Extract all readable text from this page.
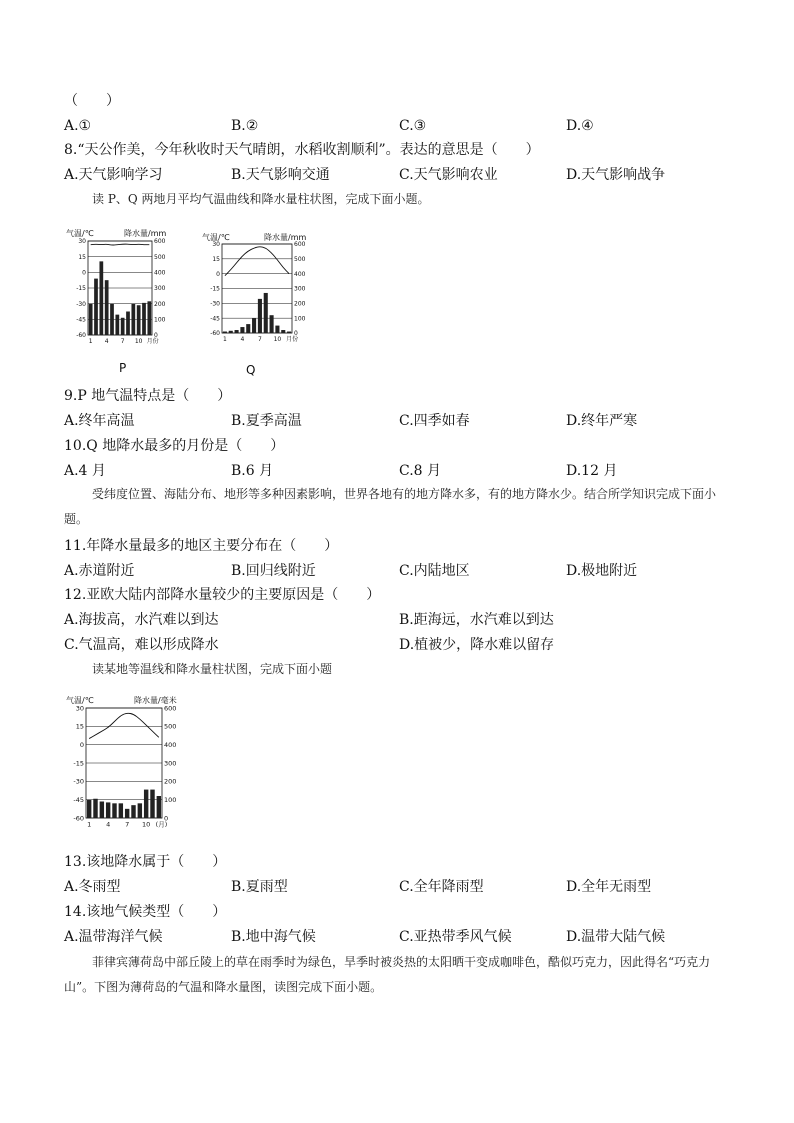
（　　）
A.①	B.②	C.③	D.④
8.“天公作美，今年秋收时天气晴朗，水稻收割顺利”。表达的意思是（　　）
A.天气影响学习	B.天气影响交通	C.天气影响农业	D.天气影响战争
读 P、Q 两地月平均气温曲线和降水量柱状图，完成下面小题。
气温/℃	降水量/mm
30	600
15	500
0	400
-15	300
-30	200
-45	100
-60	0
1 4 7 10 月份
P
气温/℃	降水量/mm
30	600
15	500
0	400
-15	300
-30	200
-45	100
-60	0
1 4 7 10 月份
Q
9.P 地气温特点是（　　）
A.终年高温	B.夏季高温	C.四季如春	D.终年严寒
10.Q 地降水最多的月份是（　　）
A.4 月	B.6 月	C.8 月	D.12 月
受纬度位置、海陆分布、地形等多种因素影响，世界各地有的地方降水多，有的地方降水少。结合所学知识完成下面小题。
11.年降水量最多的地区主要分布在（　　）
A.赤道附近	B.回归线附近	C.内陆地区	D.极地附近
12.亚欧大陆内部降水量较少的主要原因是（　　）
A.海拔高，水汽难以到达	B.距海远，水汽难以到达
C.气温高，难以形成降水	D.植被少，降水难以留存
读某地等温线和降水量柱状图，完成下面小题
气温/℃	降水量/毫米
30	600
15	500
0	400
-15	300
-30	200
-45	100
-60	0
1 4 7 10 (月)
13.该地降水属于（　　）
A.冬雨型	B.夏雨型	C.全年降雨型	D.全年无雨型
14.该地气候类型（　　）
A.温带海洋气候	B.地中海气候	C.亚热带季风气候	D.温带大陆气候
菲律宾薄荷岛中部丘陵上的草在雨季时为绿色，旱季时被炎热的太阳晒干变成咖啡色，酷似巧克力，因此得名“巧克力山”。下图为薄荷岛的气温和降水量图，读图完成下面小题。
